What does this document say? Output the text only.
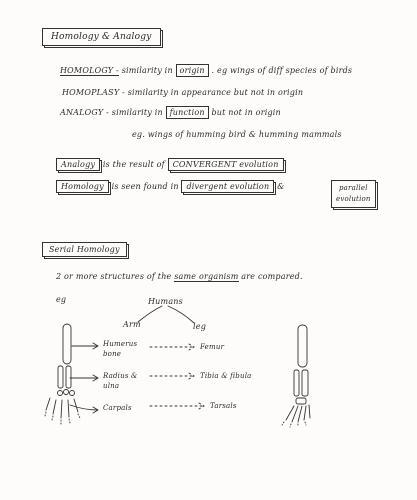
Homology & Analogy
HOMOLOGY - similarity in origin . eg wings of diff species of birds
HOMOPLASY - similarity in appearance but not in origin
ANALOGY - similarity in function but not in origin
eg. wings of humming bird & humming mammals
Analogy is the result of CONVERGENT evolution
Homology is seen found in divergent evolution &	parallel
evolution
Serial Homology
2 or more structures of the same organism are compared.
eg	Humans
Arm	leg
Humerus
bone
Femur
Radius &
ulna
Tibia & fibula
Carpals	Tarsals
